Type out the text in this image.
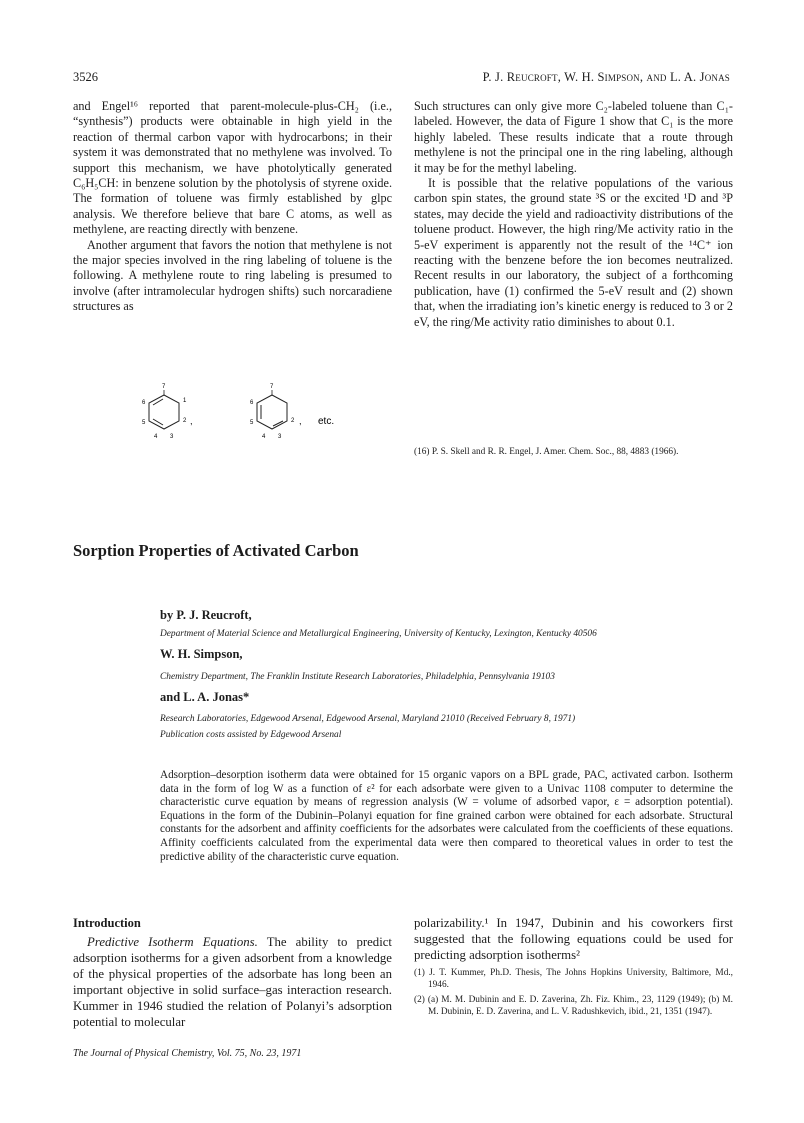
3526	P. J. Reucroft, W. H. Simpson, and L. A. Jonas

and Engel¹⁶ reported that parent-molecule-plus-CH₂ (i.e., “synthesis”) products were obtainable in high yield in the reaction of thermal carbon vapor with hydrocarbons; in their system it was demonstrated that no methylene was involved. To support this mechanism, we have photolytically generated C₆H₅CH: in benzene solution by the photolysis of styrene oxide. The formation of toluene was firmly established by glpc analysis. We therefore believe that bare C atoms, as well as methylene, are reacting directly with benzene.

Another argument that favors the notion that methylene is not the major species involved in the ring labeling of toluene is the following. A methylene route to ring labeling is presumed to involve (after intramolecular hydrogen shifts) such norcaradiene structures as

7
1
2
6
5
4 3
,
7
6
2
5
4 3
, etc.

Such structures can only give more C₂-labeled toluene than C₁-labeled. However, the data of Figure 1 show that C₁ is the more highly labeled. These results indicate that a route through methylene is not the principal one in the ring labeling, although it may be for the methyl labeling.

It is possible that the relative populations of the various carbon spin states, the ground state ³S or the excited ¹D and ³P states, may decide the yield and radioactivity distributions of the toluene product. However, the high ring/Me activity ratio in the 5-eV experiment is apparently not the result of the ¹⁴C⁺ ion reacting with the benzene before the ion becomes neutralized. Recent results in our laboratory, the subject of a forthcoming publication, have (1) confirmed the 5-eV result and (2) shown that, when the irradiating ion’s kinetic energy is reduced to 3 or 2 eV, the ring/Me activity ratio diminishes to about 0.1.

(16) P. S. Skell and R. R. Engel, J. Amer. Chem. Soc., 88, 4883 (1966).
Sorption Properties of Activated Carbon
by P. J. Reucroft,
Department of Material Science and Metallurgical Engineering, University of Kentucky, Lexington, Kentucky 40506
W. H. Simpson,
Chemistry Department, The Franklin Institute Research Laboratories, Philadelphia, Pennsylvania 19103
and L. A. Jonas*
Research Laboratories, Edgewood Arsenal, Edgewood Arsenal, Maryland 21010 (Received February 8, 1971)
Publication costs assisted by Edgewood Arsenal
Adsorption–desorption isotherm data were obtained for 15 organic vapors on a BPL grade, PAC, activated carbon. Isotherm data in the form of log W as a function of ε² for each adsorbate were given to a Univac 1108 computer to determine the characteristic curve equation by means of regression analysis (W = volume of adsorbed vapor, ε = adsorption potential). Equations in the form of the Dubinin–Polanyi equation for fine grained carbon were obtained for each adsorbate. Structural constants for the adsorbent and affinity coefficients for the adsorbates were calculated from the coefficients of these equations. Affinity coefficients calculated from the experimental data were then compared to theoretical values in order to test the predictive ability of the characteristic curve equation.
Introduction

Predictive Isotherm Equations. The ability to predict adsorption isotherms for a given adsorbent from a knowledge of the physical properties of the adsorbate has long been an important objective in solid surface–gas interaction research. Kummer in 1946 studied the relation of Polanyi’s adsorption potential to molecular

polarizability.¹ In 1947, Dubinin and his coworkers first suggested that the following equations could be used for predicting adsorption isotherms²

(1) J. T. Kummer, Ph.D. Thesis, The Johns Hopkins University, Baltimore, Md., 1946.

(2) (a) M. M. Dubinin and E. D. Zaverina, Zh. Fiz. Khim., 23, 1129 (1949); (b) M. M. Dubinin, E. D. Zaverina, and L. V. Radushkevich, ibid., 21, 1351 (1947).

The Journal of Physical Chemistry, Vol. 75, No. 23, 1971
